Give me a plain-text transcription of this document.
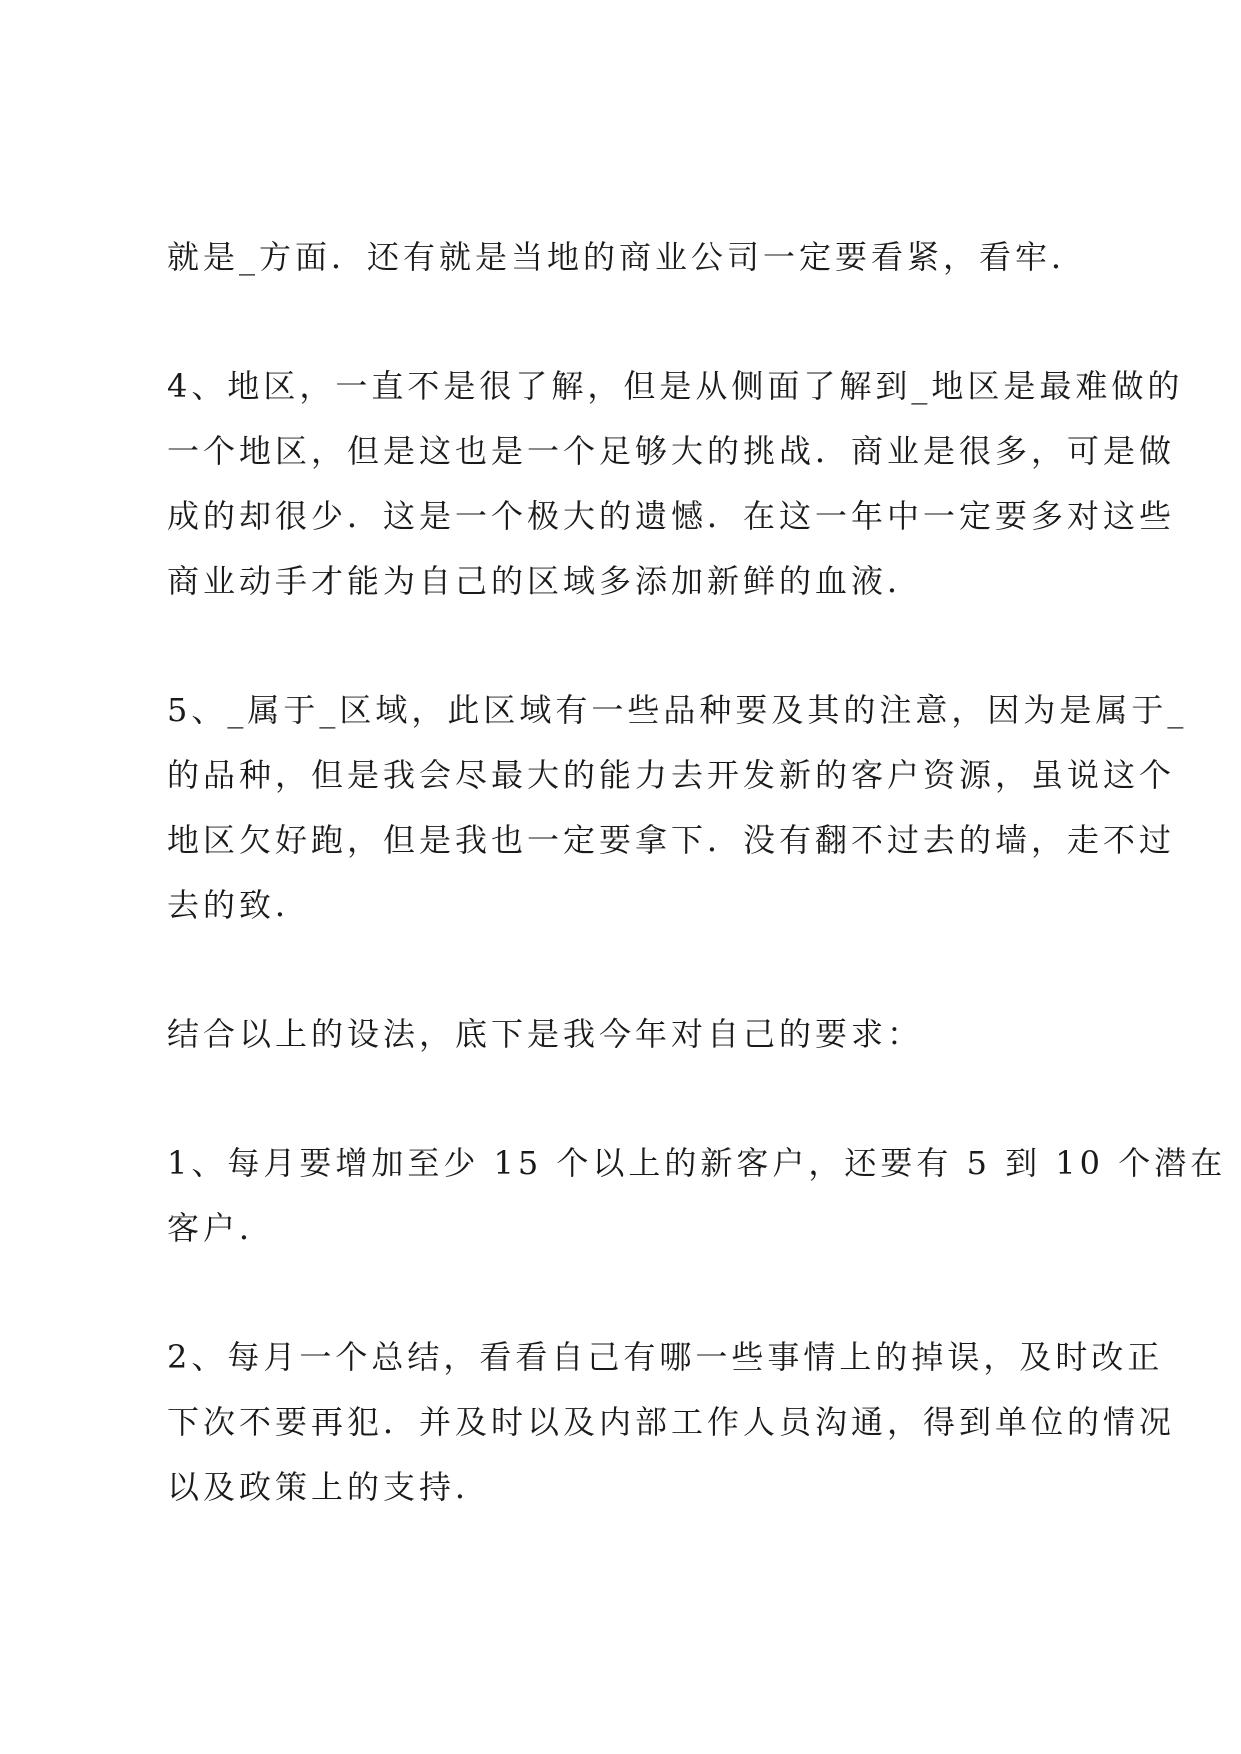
就是_方面．还有就是当地的商业公司一定要看紧，看牢．

4、地区，一直不是很了解，但是从侧面了解到_地区是最难做的
一个地区，但是这也是一个足够大的挑战．商业是很多，可是做
成的却很少．这是一个极大的遗憾．在这一年中一定要多对这些
商业动手才能为自己的区域多添加新鲜的血液．

5、_属于_区域，此区域有一些品种要及其的注意，因为是属于_
的品种，但是我会尽最大的能力去开发新的客户资源，虽说这个
地区欠好跑，但是我也一定要拿下．没有翻不过去的墙，走不过
去的致．

结合以上的设法，底下是我今年对自己的要求：

1、每月要增加至少 15 个以上的新客户，还要有 5 到 10 个潜在
客户．

2、每月一个总结，看看自己有哪一些事情上的掉误，及时改正
下次不要再犯．并及时以及内部工作人员沟通，得到单位的情况
以及政策上的支持．
